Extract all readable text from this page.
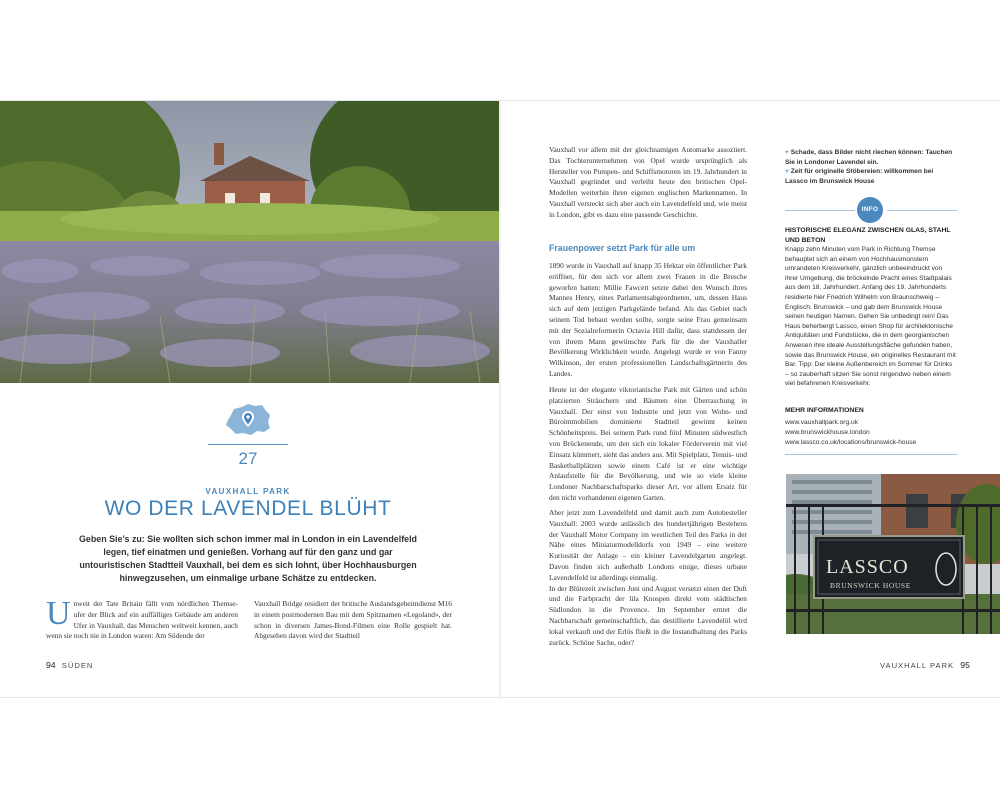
27
VAUXHALL PARK
WO DER LAVENDEL BLÜHT
Geben Sie’s zu: Sie wollten sich schon immer mal in London in ein Lavendelfeld legen, tief einatmen und genießen. Vorhang auf für den ganz und gar untouristischen Stadtteil Vauxhall, bei dem es sich lohnt, über Hochhausburgen hinwegzusehen, um einmalige urbane Schätze zu entdecken.
Unweit der Tate Britain fällt vom nördlichen Themse-ufer der Blick auf ein auffälliges Gebäude am anderen Ufer in Vauxhall, das Menschen weltweit kennen, auch wenn sie noch nie in London waren: Am Südende der
Vauxhall Bridge residiert der britische Auslandsgeheimdienst M16 in einem postmodernen Bau mit dem Spitznamen «Legoland», der schon in diversen James-Bond-Filmen eine Rolle gespielt hat. Abgesehen davon wird der Stadtteil
94 SÜDEN
Vauxhall vor allem mit der gleichnamigen Automarke assoziiert. Das Tochterunternehmen von Opel wurde ursprünglich als Hersteller von Pumpen- und Schiffsmotoren im 19. Jahrhundert in Vauxhall gegründet und verleiht heute den britischen Opel-Modellen weiterhin ihren eigenen englischen Markennamen. In Vauxhall versteckt sich aber auch ein Lavendelfeld und, wie meist in London, gibt es dazu eine passende Geschichte.
Frauenpower setzt Park für alle um
1890 wurde in Vauxhall auf knapp 35 Hektar ein öffentlicher Park eröffnet, für den sich vor allem zwei Frauen in die Bresche geworfen hatten: Millie Fawcett setzte dabei den Wunsch ihres Mannes Henry, eines Parlamentsabgeordneten, um, dessen Haus sich auf dem jetzigen Parkgelände befand. Als das Gebiet nach seinem Tod bebaut werden sollte, sorgte seine Frau gemeinsam mit der Sozialreformerin Octavia Hill dafür, dass stattdessen der von ihrem Mann gewünschte Park für die der Vauxhaller Bevölkerung Wirklichkeit wurde. Angelegt wurde er von Fanny Wilkinson, der ersten professionellen Landschaftsgärtnerin des Landes.
Heute ist der elegante viktorianische Park mit Gärten und schön platzierten Sträuchern und Bäumen eine Überraschung in Vauxhall. Der einst von Industrie und jetzt von Wohn- und Büroimmobilien dominierte Stadtteil gewinnt keinen Schönheitspreis. Bei seinem Park rund fünf Minuten südwestlich von Brückenende, um den sich ein lokaler Förderverein mit viel Einsatz kümmert, sieht das anders aus. Mit Spielplatz, Tennis- und Basketballplätzen sowie einem Café ist er eine wichtige Anlaufstelle für die Bevölkerung, und wie so viele kleine Londoner Nachbarschaftsparks dieser Art, vor allem Ersatz für den nicht vorhandenen eigenen Garten.
Aber jetzt zum Lavendelfeld und damit auch zum Autobesteller Vauxhall: 2003 wurde anlässlich des hundertjährigen Bestehens der Vauxhall Motor Company im westlichen Teil des Parks in der Nähe eines Miniaturmodelldorfs von 1949 – eine weitere Kuriosität der Anlage – ein kleiner Lavendelgarten angelegt. Davon finden sich außerhalb Londons einige, dieses urbane Lavendelfeld ist allerdings einmalig.
In der Blütezeit zwischen Juni und August versetzt einen der Duft und die Farbpracht der lila Knospen direkt vom städtischen Südlondon in die Provence. Im September erntet die Nachbarschaft gemeinschaftlich, das destillierte Lavendelöl wird lokal verkauft und der Erlös fließt in die Instandhaltung des Parks zurück. Schöne Sache, oder?
+ Schade, dass Bilder nicht riechen können: Tauchen Sie in Londoner Lavendel ein.
+ Zeit für originelle Stöbereien: willkommen bei Lassco im Brunswick House
INFO
HISTORISCHE ELEGANZ ZWISCHEN GLAS, STAHL UND BETON
Knapp zehn Minuten vom Park in Richtung Themse behauptet sich an einem von Hochhausmonstern umrandeten Kreisverkehr, gänzlich unbeeindruckt von ihrer Umgebung, die bröckelnde Pracht eines Stadtpalais aus dem 18. Jahrhundert. Anfang des 19. Jahrhunderts residierte hier Friedrich Wilhelm von Braunschweig – Englisch: Brunswick – und gab dem Brunswick House seinen heutigen Namen. Gehen Sie unbedingt rein! Das Haus beherbergt Lassco, einen Shop für architektonische Antiquitäten und Fundstücke, die in dem georgianischen Anwesen ihre ideale Ausstellungsfläche gefunden haben, sowie das Brunswick House, ein originelles Restaurant mit Bar. Tipp: Der kleine Außenbereich im Sommer für Drinks – so zauberhaft sitzen Sie sonst nirgendwo neben einem viel befahrenen Kreisverkehr.
MEHR INFORMATIONEN
www.vauxhallpark.org.uk
www.brunswickhouse.london
www.lassco.co.uk/locations/brunswick-house
LASSCO
BRUNSWICK HOUSE
VAUXHALL PARK 95
